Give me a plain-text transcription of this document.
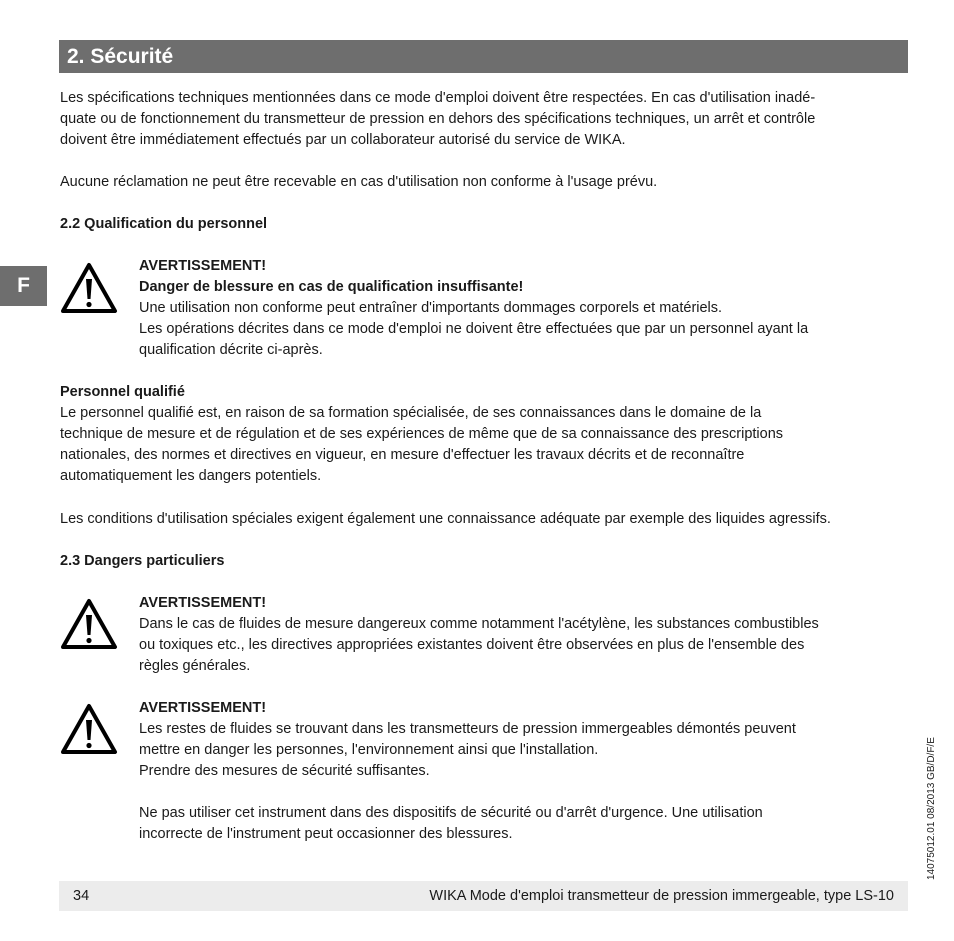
2. Sécurité
F
Les spécifications techniques mentionnées dans ce mode d'emploi doivent être respectées. En cas d'utilisation inadé-
quate ou de fonctionnement du transmetteur de pression en dehors des spécifications techniques, un arrêt et contrôle
doivent être immédiatement effectués par un collaborateur autorisé du service de WIKA.
Aucune réclamation ne peut être recevable en cas d'utilisation non conforme à l'usage prévu.
2.2 Qualification du personnel
AVERTISSEMENT!
Danger de blessure en cas de qualification insuffisante!
Une utilisation non conforme peut entraîner d'importants dommages corporels et matériels.
Les opérations décrites dans ce mode d'emploi ne doivent être effectuées que par un personnel ayant la
qualification décrite ci-après.
Personnel qualifié
Le personnel qualifié est, en raison de sa formation spécialisée, de ses connaissances dans le domaine de la
technique de mesure et de régulation et de ses expériences de même que de sa connaissance des prescriptions
nationales, des normes et directives en vigueur, en mesure d'effectuer les travaux décrits et de reconnaître
automatiquement les dangers potentiels.
Les conditions d'utilisation spéciales exigent également une connaissance adéquate par exemple des liquides agressifs.
2.3 Dangers particuliers
AVERTISSEMENT!
Dans le cas de fluides de mesure dangereux comme notamment l'acétylène, les substances combustibles
ou toxiques etc., les directives appropriées existantes doivent être observées en plus de l'ensemble des
règles générales.
AVERTISSEMENT!
Les restes de fluides se trouvant dans les transmetteurs de pression immergeables démontés peuvent
mettre en danger les personnes, l'environnement ainsi que l'installation.
Prendre des mesures de sécurité suffisantes.
Ne pas utiliser cet instrument dans des dispositifs de sécurité ou d'arrêt d'urgence. Une utilisation
incorrecte de l'instrument peut occasionner des blessures.	14075012.01 08/2013 GB/D/F/E
34	WIKA Mode d'emploi transmetteur de pression immergeable, type LS-10
